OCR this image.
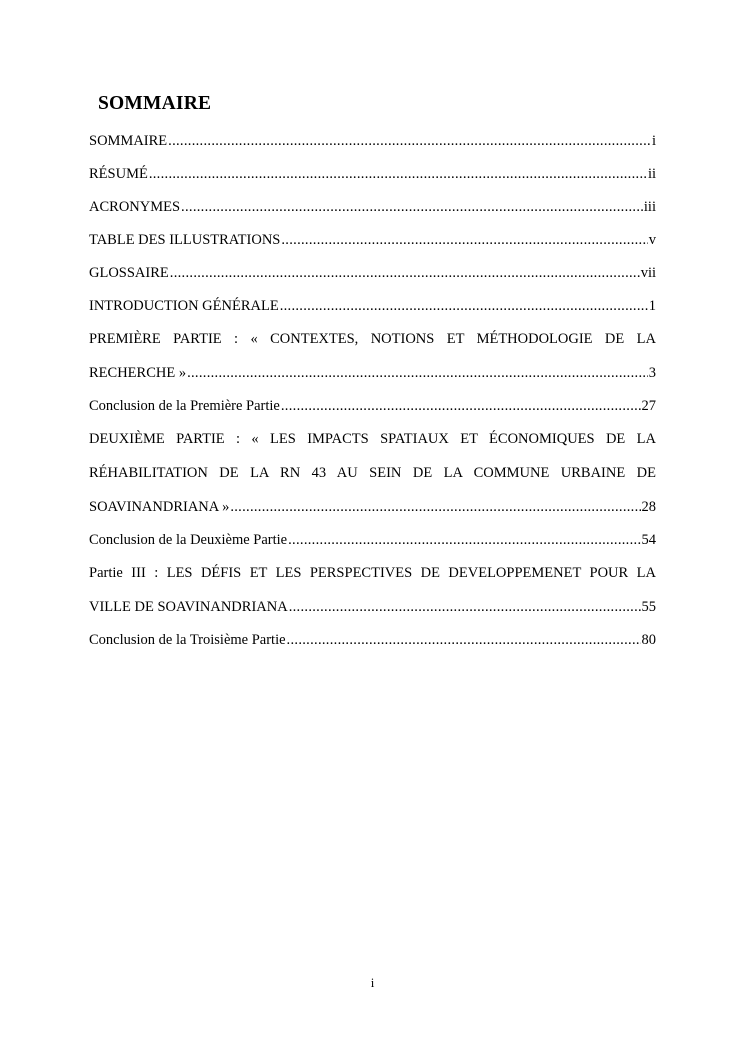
SOMMAIRE
SOMMAIRE .....	i
RÉSUMÉ .....	ii
ACRONYMES .....	iii
TABLE DES ILLUSTRATIONS .....	v
GLOSSAIRE .....	vii
INTRODUCTION GÉNÉRALE .....	1
PREMIÈRE PARTIE : « CONTEXTES, NOTIONS ET MÉTHODOLOGIE DE LA
RECHERCHE » .....	3
Conclusion de la Première Partie .....	27
DEUXIÈME PARTIE : « LES IMPACTS SPATIAUX ET ÉCONOMIQUES DE LA
RÉHABILITATION DE LA RN 43 AU SEIN DE LA COMMUNE URBAINE DE
SOAVINANDRIANA » .....	28
Conclusion de la Deuxième Partie .....	54
Partie III : LES DÉFIS ET LES PERSPECTIVES DE DEVELOPPEMENET POUR LA
VILLE DE SOAVINANDRIANA .....	55
Conclusion de la Troisième Partie .....	80
i
